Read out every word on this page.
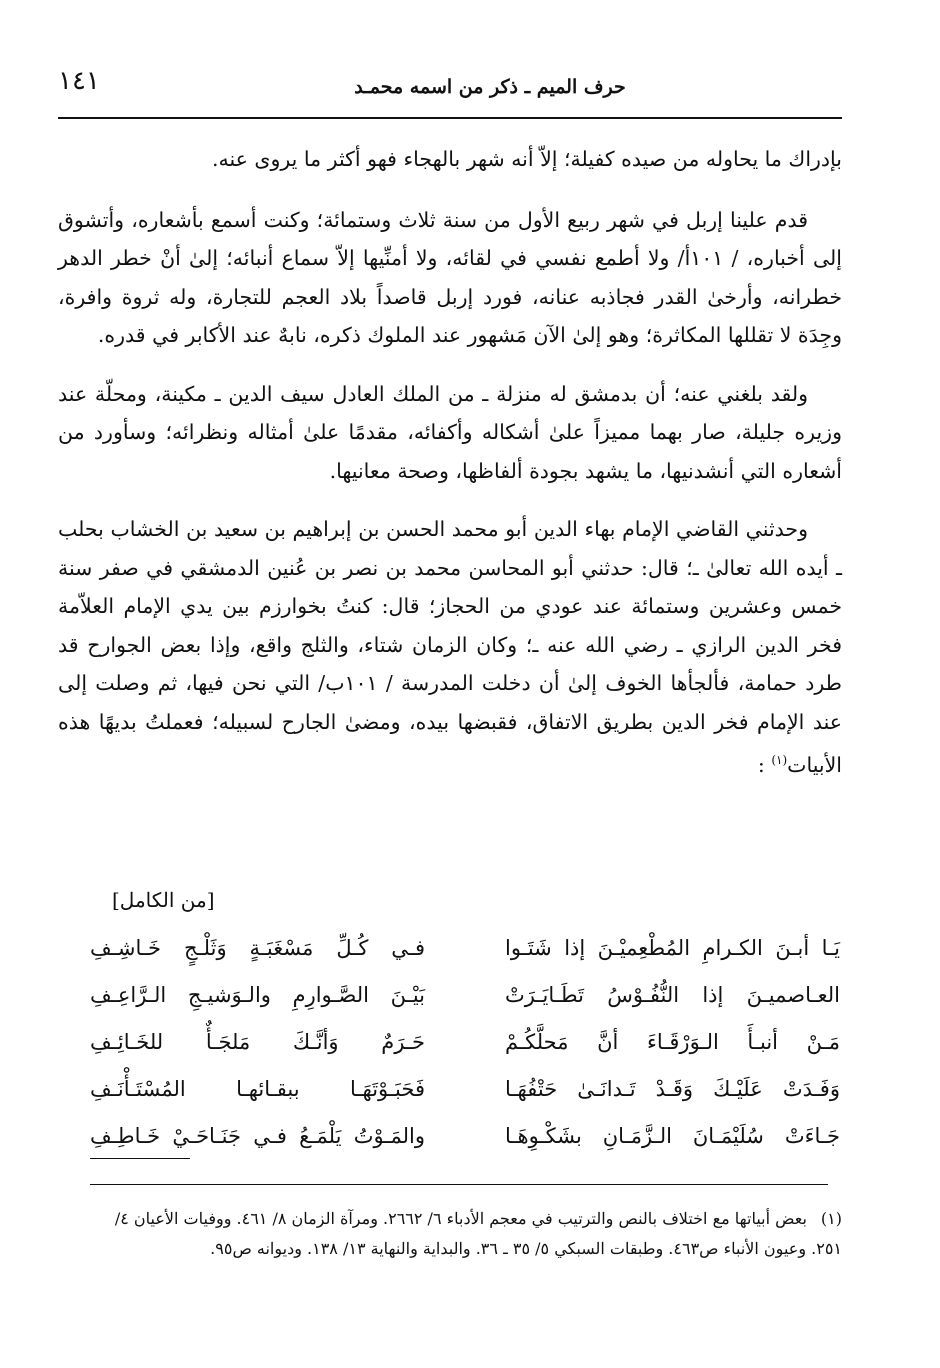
١٤١	حرف الميم ـ ذكر من اسمه محمـد

بإدراك ما يحاوله من صيده كفيلة؛ إلاّ أنه شهر بالهجاء فهو أكثر ما يروى عنه.

قدم علينا إربل في شهر ربيع الأول من سنة ثلاث وستمائة؛ وكنت أسمع بأشعاره، وأتشوق إلى أخباره، / ١٠١أ/ ولا أطمع نفسي في لقائه، ولا أمنِّيها إلاّ سماع أنبائه؛ إلىٰ أنْ خطر الدهر خطرانه، وأرخىٰ القدر فجاذبه عنانه، فورد إربل قاصداً بلاد العجم للتجارة، وله ثروة وافرة، وجِدَة لا تقللها المكاثرة؛ وهو إلىٰ الآن مَشهور عند الملوك ذكره، نابهٌ عند الأكابر في قدره.

ولقد بلغني عنه؛ أن بدمشق له منزلة ـ من الملك العادل سيف الدين ـ مكينة، ومحلّة عند وزيره جليلة، صار بهما مميزاً علىٰ أشكاله وأكفائه، مقدمًا علىٰ أمثاله ونظرائه؛ وسأورد من أشعاره التي أنشدنيها، ما يشهد بجودة ألفاظها، وصحة معانيها.

وحدثني القاضي الإمام بهاء الدين أبو محمد الحسن بن إبراهيم بن سعيد بن الخشاب بحلب ـ أيده الله تعالىٰ ـ؛ قال: حدثني أبو المحاسن محمد بن نصر بن عُنين الدمشقي في صفر سنة خمس وعشرين وستمائة عند عودي من الحجاز؛ قال: كنتُ بخوارزم بين يدي الإمام العلاّمة فخر الدين الرازي ـ رضي الله عنه ـ؛ وكان الزمان شتاء، والثلج واقع، وإذا بعض الجوارح قد طرد حمامة، فألجأها الخوف إلىٰ أن دخلت المدرسة / ١٠١ب/ التي نحن فيها، ثم وصلت إلى عند الإمام فخر الدين بطريق الاتفاق، فقبضها بيده، ومضىٰ الجارح لسبيله؛ فعملتُ بديهًا هذه الأبيات$^{(١)}$ :

[من الكامل]
يَـا أبـنَ الكـرامِ المُطْعِميْـنَ إذا شَتَـوا
فـي كُـلِّ مَسْغَبَـةٍ وَثَلْـجٍ خَـاشِـفِ
العـاصميـنَ إذا النُّفُـوْسُ تَطَـايَـرَتْ
بَيْـنَ الصَّـوارِمِ والـوَشيـجِ الـرَّاعِـفِ
مَـنْ أنبـأَ الـوَرْقَـاءَ أنَّ مَحلَّكُـمْ
حَـرَمٌ وَأنَّـكَ مَلجَـأٌ للخَـائِـفِ
وَفَـدَتْ عَلَيْـكَ وَقَـدْ تَـدانَـىٰ حَتْفُهَـا
فَحَبَـوْتَهَـا ببقـائهـا المُسْتَـأْنَـفِ
جَـاءَتْ سُلَيْمَـانَ الـزَّمَـانِ بشَكْـوِهَـا
والمَـوْتُ يَلْمَـعُ فـي جَنَـاحَـيْ خَـاطِـفِ
(١)بعض أبياتها مع اختلاف بالنص والترتيب في معجم الأدباء ٦/ ٢٦٦٢. ومرآة الزمان ٨/ ٤٦١. ووفيات الأعيان ٤/ ٢٥١. وعيون الأنباء ص٤٦٣. وطبقات السبكي ٥/ ٣٥ ـ ٣٦. والبداية والنهاية ١٣/ ١٣٨. وديوانه ص٩٥.
